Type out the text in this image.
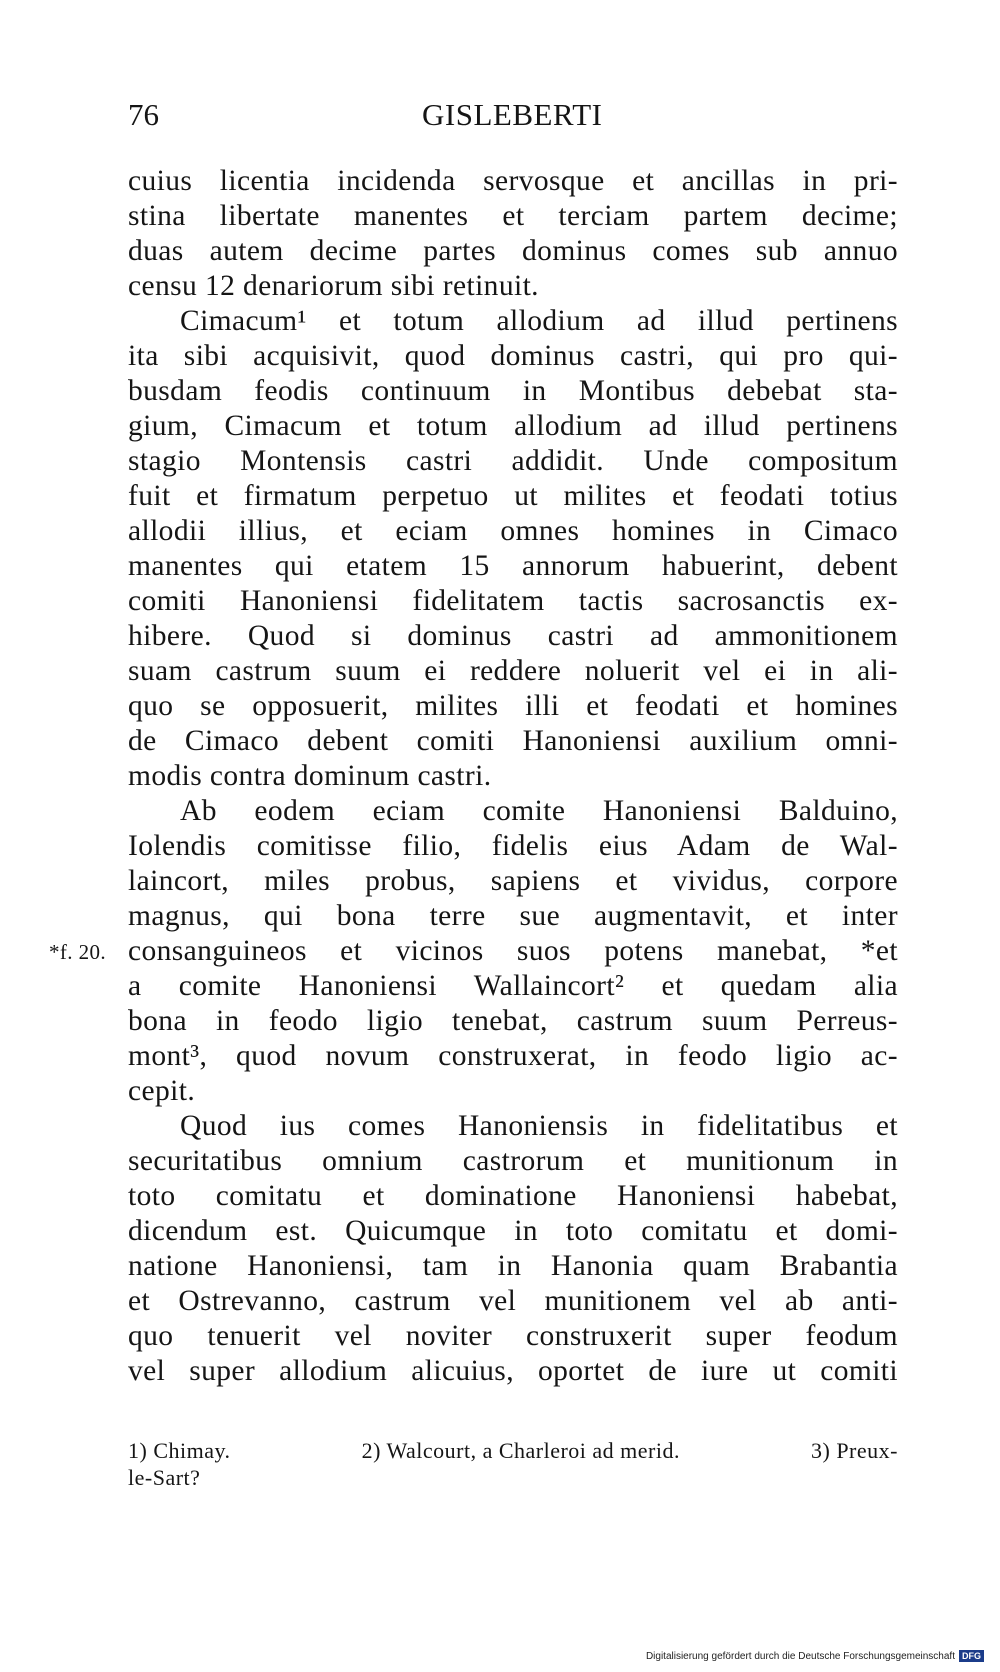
76	GISLEBERTI
cuius licentia incidenda servosque et ancillas in pri-
stina libertate manentes et terciam partem decime;
duas autem decime partes dominus comes sub annuo
censu 12 denariorum sibi retinuit.
Cimacum¹ et totum allodium ad illud pertinens
ita sibi acquisivit, quod dominus castri, qui pro qui-
busdam feodis continuum in Montibus debebat sta-
gium, Cimacum et totum allodium ad illud pertinens
stagio Montensis castri addidit. Unde compositum
fuit et firmatum perpetuo ut milites et feodati totius
allodii illius, et eciam omnes homines in Cimaco
manentes qui etatem 15 annorum habuerint, debent
comiti Hanoniensi fidelitatem tactis sacrosanctis ex-
hibere. Quod si dominus castri ad ammonitionem
suam castrum suum ei reddere noluerit vel ei in ali-
quo se opposuerit, milites illi et feodati et homines
de Cimaco debent comiti Hanoniensi auxilium omni-
modis contra dominum castri.
Ab eodem eciam comite Hanoniensi Balduino,
Iolendis comitisse filio, fidelis eius Adam de Wal-
laincort, miles probus, sapiens et vividus, corpore
magnus, qui bona terre sue augmentavit, et inter
*f. 20. consanguineos et vicinos suos potens manebat, *et
a comite Hanoniensi Wallaincort² et quedam alia
bona in feodo ligio tenebat, castrum suum Perreus-
mont³, quod novum construxerat, in feodo ligio ac-
cepit.
Quod ius comes Hanoniensis in fidelitatibus et
securitatibus omnium castrorum et munitionum in
toto comitatu et dominatione Hanoniensi habebat,
dicendum est. Quicumque in toto comitatu et domi-
natione Hanoniensi, tam in Hanonia quam Brabantia
et Ostrevanno, castrum vel munitionem vel ab anti-
quo tenuerit vel noviter construxerit super feodum
vel super allodium alicuius, oportet de iure ut comiti
1) Chimay.	2) Walcourt, a Charleroi ad merid.	3) Preux-
le-Sart?
Digitalisierung gefördert durch die Deutsche Forschungsgemeinschaft DFG
